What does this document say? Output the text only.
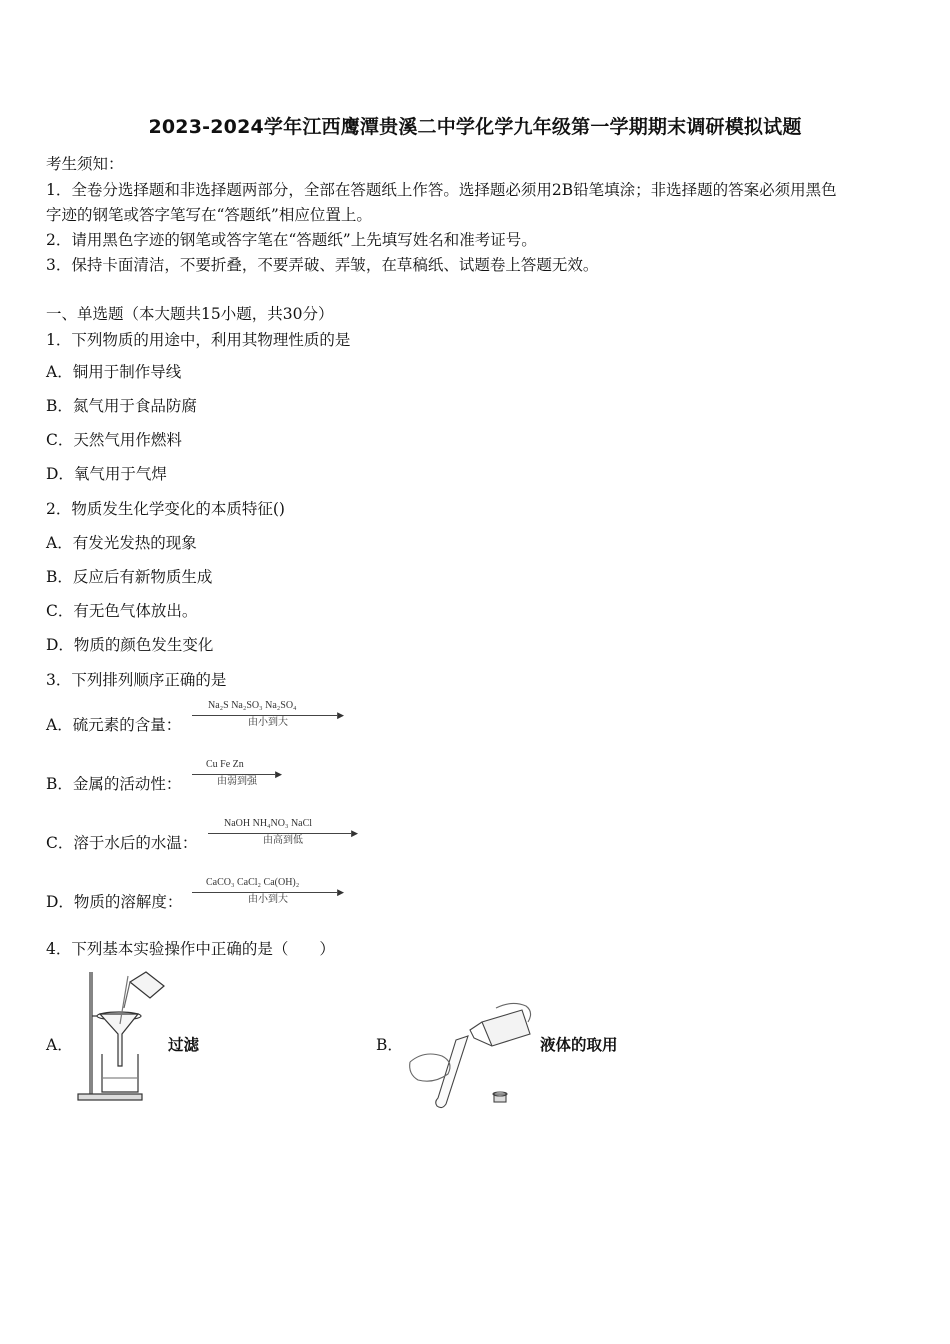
2023-2024学年江西鹰潭贵溪二中学化学九年级第一学期期末调研模拟试题
考生须知：
1．全卷分选择题和非选择题两部分，全部在答题纸上作答。选择题必须用2B铅笔填涂；非选择题的答案必须用黑色
字迹的钢笔或答字笔写在“答题纸”相应位置上。
2．请用黑色字迹的钢笔或答字笔在“答题纸”上先填写姓名和准考证号。
3．保持卡面清洁，不要折叠，不要弄破、弄皱，在草稿纸、试题卷上答题无效。
一、单选题（本大题共15小题，共30分）
1．下列物质的用途中，利用其物理性质的是
A．铜用于制作导线
B．氮气用于食品防腐
C．天然气用作燃料
D．氧气用于气焊
2．物质发生化学变化的本质特征()
A．有发光发热的现象
B．反应后有新物质生成
C．有无色气体放出。
D．物质的颜色发生变化
3．下列排列顺序正确的是
A．硫元素的含量：
Na₂S Na₂SO₃ Na₂SO₄
▶
由小到大
B．金属的活动性：
Cu Fe Zn
▶
由弱到强
C．溶于水后的水温：
NaOH NH₄NO₃ NaCl
▶
由高到低
D．物质的溶解度：
CaCO₃ CaCl₂ Ca(OH)₂
▶
由小到大
4．下列基本实验操作中正确的是（　　）
A．	过滤	B．	液体的取用
